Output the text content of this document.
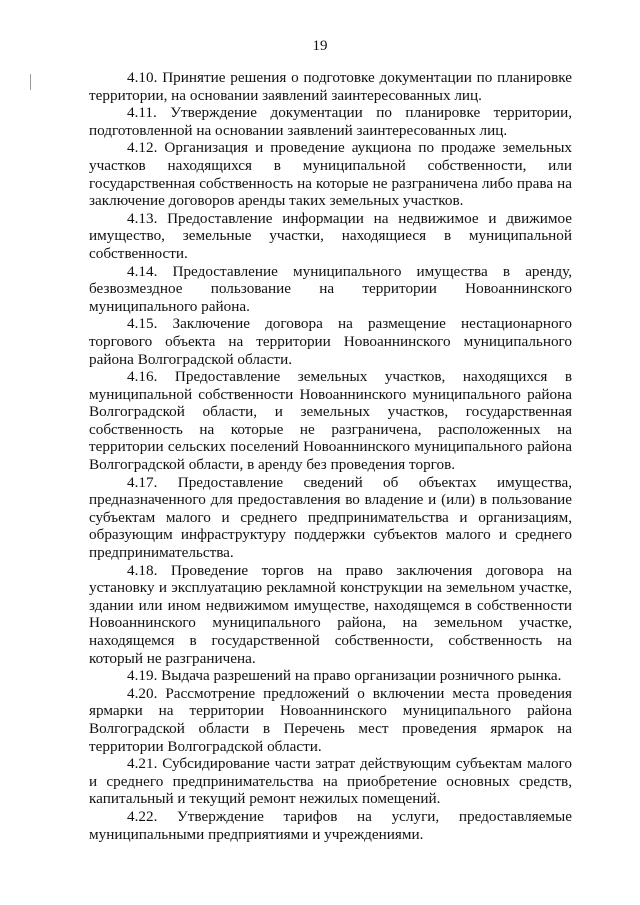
19

4.10. Принятие решения о подготовке документации по планировке территории, на основании заявлений заинтересованных лиц.

4.11. Утверждение документации по планировке территории, подготовленной на основании заявлений заинтересованных лиц.

4.12. Организация и проведение аукциона по продаже земельных участков находящихся в муниципальной собственности, или государственная собственность на которые не разграничена либо права на заключение договоров аренды таких земельных участков.

4.13. Предоставление информации на недвижимое и движимое имущество, земельные участки, находящиеся в муниципальной собственности.

4.14. Предоставление муниципального имущества в аренду, безвозмездное пользование на территории Новоаннинского муниципального района.

4.15. Заключение договора на размещение нестационарного торгового объекта на территории Новоаннинского муниципального района Волгоградской области.

4.16. Предоставление земельных участков, находящихся в муниципальной собственности Новоаннинского муниципального района Волгоградской области, и земельных участков, государственная собственность на которые не разграничена, расположенных на территории сельских поселений Новоаннинского муниципального района Волгоградской области, в аренду без проведения торгов.

4.17. Предоставление сведений об объектах имущества, предназначенного для предоставления во владение и (или) в пользование субъектам малого и среднего предпринимательства и организациям, образующим инфраструктуру поддержки субъектов малого и среднего предпринимательства.

4.18. Проведение торгов на право заключения договора на установку и эксплуатацию рекламной конструкции на земельном участке, здании или ином недвижимом имуществе, находящемся в собственности Новоаннинского муниципального района, на земельном участке, находящемся в государственной собственности, собственность на который не разграничена.

4.19. Выдача разрешений на право организации розничного рынка.

4.20. Рассмотрение предложений о включении места проведения ярмарки на территории Новоаннинского муниципального района Волгоградской области в Перечень мест проведения ярмарок на территории Волгоградской области.

4.21. Субсидирование части затрат действующим субъектам малого и среднего предпринимательства на приобретение основных средств, капитальный и текущий ремонт нежилых помещений.

4.22. Утверждение тарифов на услуги, предоставляемые муниципальными предприятиями и учреждениями.
